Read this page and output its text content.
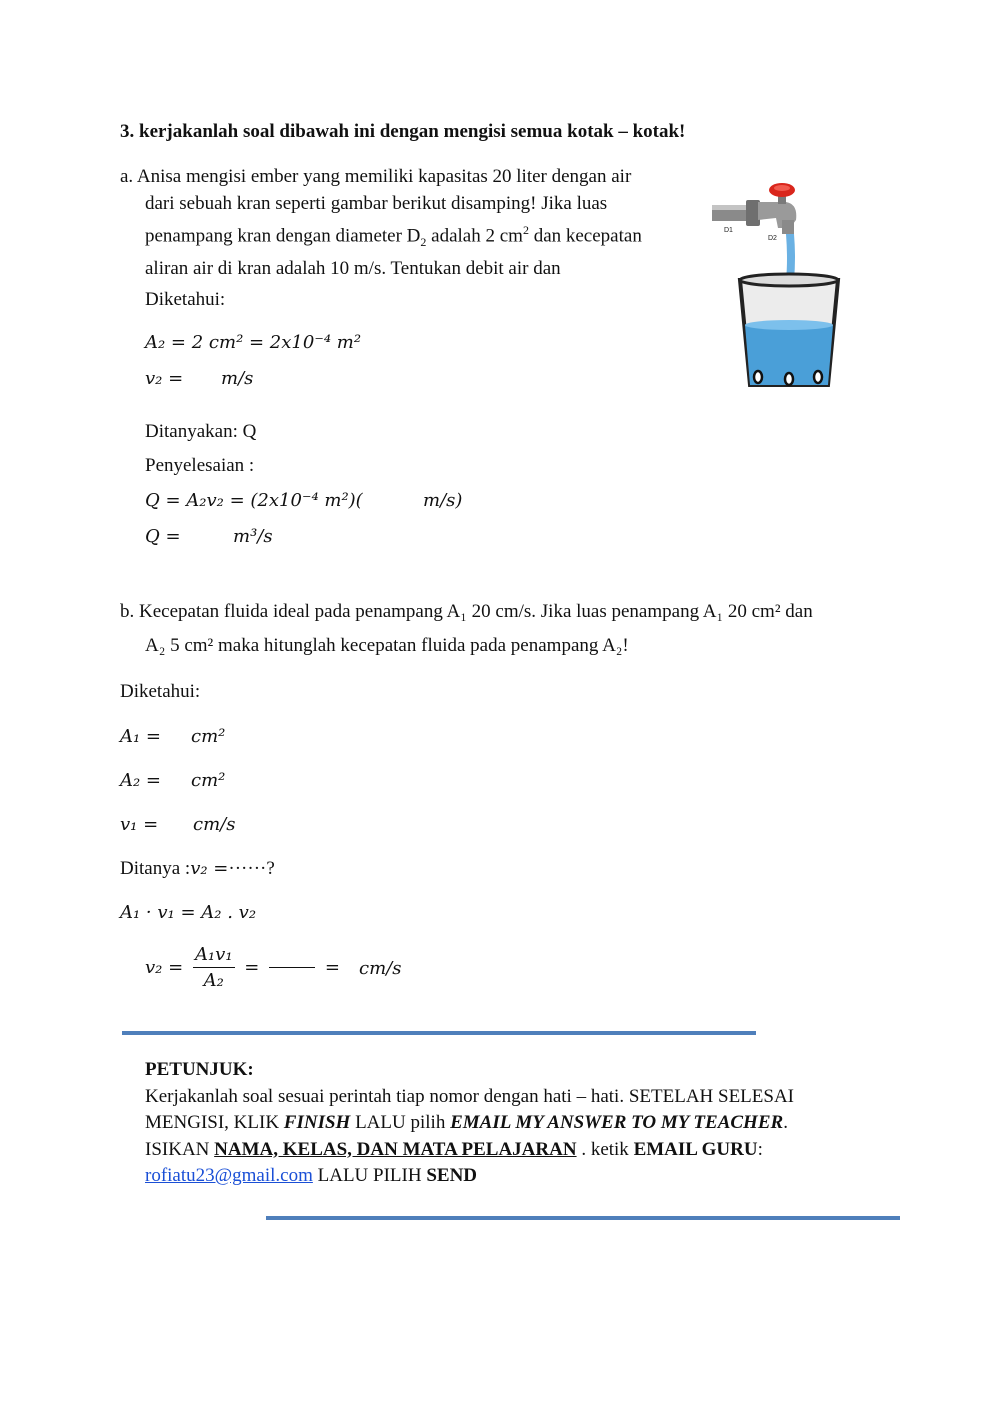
3. kerjakanlah soal dibawah ini dengan mengisi semua kotak – kotak!
a. Anisa mengisi ember yang memiliki kapasitas 20 liter dengan air
dari sebuah kran seperti gambar berikut disamping! Jika luas
penampang kran dengan diameter $D_2$ adalah 2 $cm^2$ dan kecepatan
aliran air di kran adalah 10 m/s. Tentukan debit air dan
D1
D2
Diketahui:
A₂ = 2 cm² = 2x10⁻⁴ m²
v₂ = m/s
Ditanyakan: Q
Penyelesaian :
Q = A₂v₂ = (2x10⁻⁴ m²)(	m/s)
Q =	m³/s
b. Kecepatan fluida ideal pada penampang A₁ 20 cm/s. Jika luas penampang A₁ 20 cm² dan
A₂ 5 cm² maka hitunglah kecepatan fluida pada penampang A₂!
Diketahui:
A₁ = cm²
A₂ = cm²
v₁ = cm/s
Ditanya :v₂ =······?
A₁ · v₁ = A₂ . v₂
$v_2 = \frac{\text{A₁v₁}}{\text{A₂}}$ =	= cm/s
PETUNJUK:
Kerjakanlah soal sesuai perintah tiap nomor dengan hati – hati. SETELAH SELESAI
MENGISI, KLIK FINISH LALU pilih EMAIL MY ANSWER TO MY TEACHER.
ISIKAN NAMA, KELAS, DAN MATA PELAJARAN . ketik EMAIL GURU:
rofiatu23@gmail.com LALU PILIH SEND
